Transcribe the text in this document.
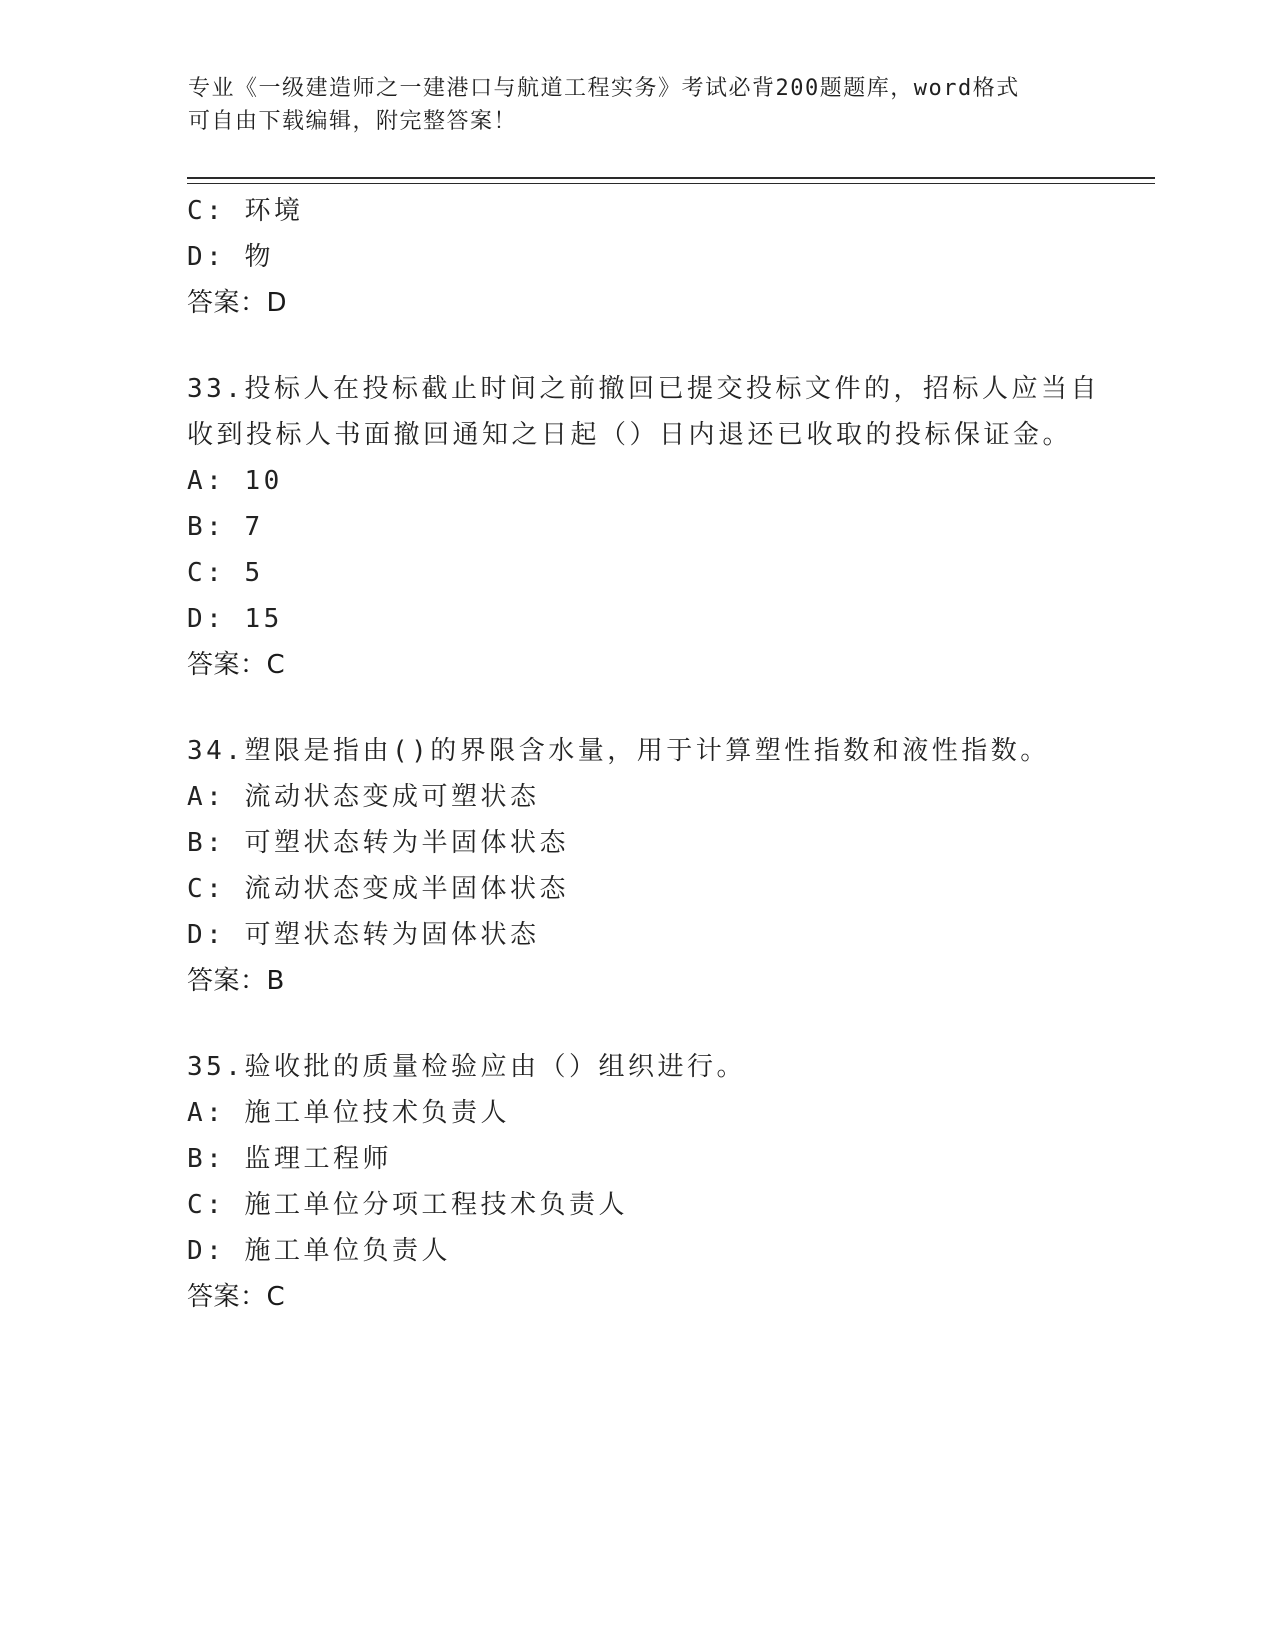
专业《一级建造师之一建港口与航道工程实务》考试必背200题题库，word格式
可自由下载编辑，附完整答案！
C: 环境
D: 物
答案：D
33.投标人在投标截止时间之前撤回已提交投标文件的，招标人应当自
收到投标人书面撤回通知之日起（）日内退还已收取的投标保证金。
A: 10
B: 7
C: 5
D: 15
答案：C
34.塑限是指由()的界限含水量，用于计算塑性指数和液性指数。
A: 流动状态变成可塑状态
B: 可塑状态转为半固体状态
C: 流动状态变成半固体状态
D: 可塑状态转为固体状态
答案：B
35.验收批的质量检验应由（）组织进行。
A: 施工单位技术负责人
B: 监理工程师
C: 施工单位分项工程技术负责人
D: 施工单位负责人
答案：C
